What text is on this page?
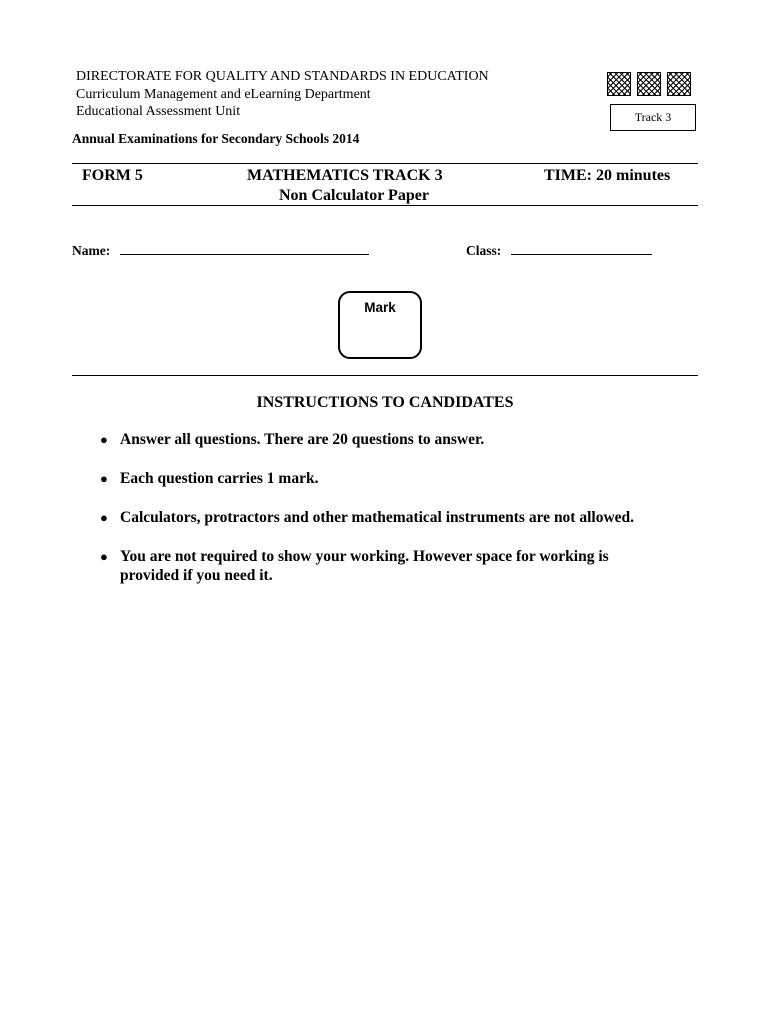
DIRECTORATE FOR QUALITY AND STANDARDS IN EDUCATION
Curriculum Management and eLearning Department
Educational Assessment Unit	Track 3
Annual Examinations for Secondary Schools 2014
FORM 5	MATHEMATICS TRACK 3
Non Calculator Paper
TIME: 20 minutes
Name:	Class:
Mark
INSTRUCTIONS TO CANDIDATES
● Answer all questions. There are 20 questions to answer.
● Each question carries 1 mark.
● Calculators, protractors and other mathematical instruments are not allowed.
● You are not required to show your working. However space for working is provided if you need it.
